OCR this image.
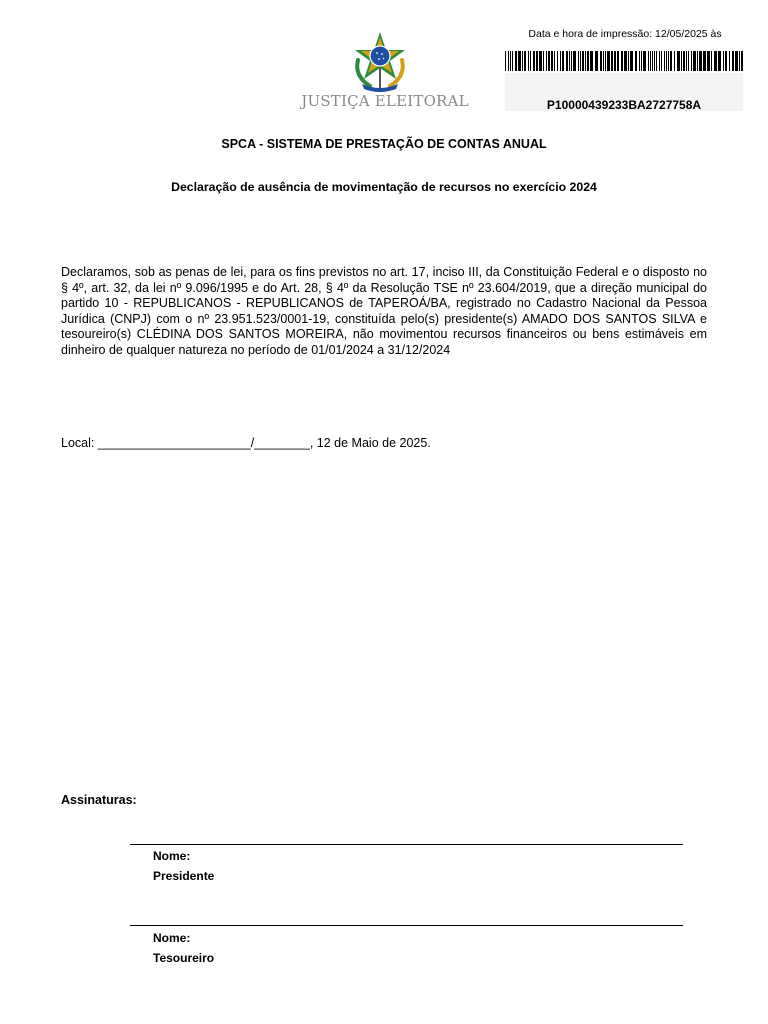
JUSTIÇA ELEITORAL
Data e hora de impressão: 12/05/2025 às
P10000439233BA2727758A
SPCA - SISTEMA DE PRESTAÇÃO DE CONTAS ANUAL
Declaração de ausência de movimentação de recursos no exercício 2024
Declaramos, sob as penas de lei, para os fins previstos no art. 17, inciso III, da Constituição Federal e o disposto no § 4º, art. 32, da lei nº 9.096/1995 e do Art. 28, § 4º da Resolução TSE nº 23.604/2019, que a direção municipal do partido 10 - REPUBLICANOS - REPUBLICANOS de TAPEROÁ/BA, registrado no Cadastro Nacional da Pessoa Jurídica (CNPJ) com o nº 23.951.523/0001-19, constituída pelo(s) presidente(s) AMADO DOS SANTOS SILVA e tesoureiro(s) CLÉDINA DOS SANTOS MOREIRA, não movimentou recursos financeiros ou bens estimáveis em dinheiro de qualquer natureza no período de 01/01/2024 a 31/12/2024
Local: ______________________/________, 12 de Maio de 2025.
Assinaturas:
Nome:
Presidente
Nome:
Tesoureiro
